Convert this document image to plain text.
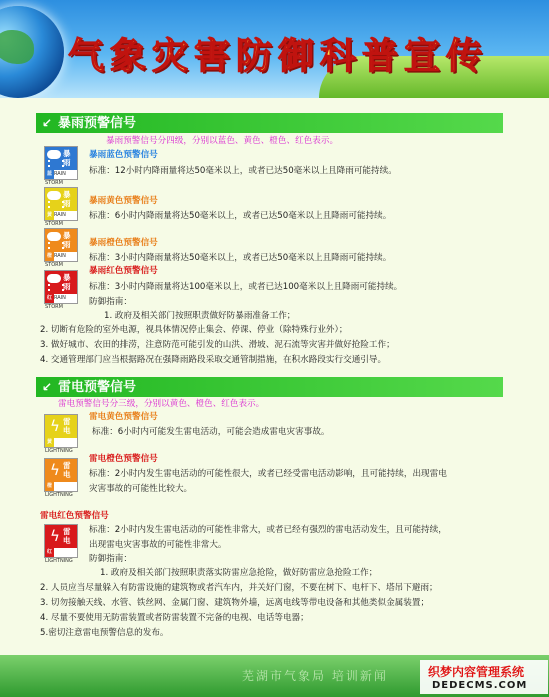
气象灾害防御科普宣传
↙ 暴雨预警信号
暴雨预警信号分四级，分别以蓝色、黄色、橙色、红色表示。
暴雨
蓝 RAIN STORM
暴雨蓝色预警信号
标准：12小时内降雨量将达50毫米以上，或者已达50毫米以上且降雨可能持续。
暴雨
黄 RAIN STORM
暴雨黄色预警信号
标准：6小时内降雨量将达50毫米以上，或者已达50毫米以上且降雨可能持续。
暴雨
橙 RAIN STORM
暴雨橙色预警信号
标准：3小时内降雨量将达50毫米以上，或者已达50毫米以上且降雨可能持续。
暴雨
红 RAIN STORM
暴雨红色预警信号
标准：3小时内降雨量将达100毫米以上，或者已达100毫米以上且降雨可能持续。
防御指南：
1. 政府及相关部门按照职责做好防暴雨准备工作；
2. 切断有危险的室外电源，视具体情况停止集会、停课、停业（除特殊行业外）；
3. 做好城市、农田的排涝，注意防范可能引发的山洪、滑坡、泥石流等灾害并做好抢险工作；
4. 交通管理部门应当根据路况在强降雨路段采取交通管制措施，在积水路段实行交通引导。
↙ 雷电预警信号
雷电预警信号分三级，分别以黄色、橙色、红色表示。
ϟ 雷电
黄LIGHTNING
雷电黄色预警信号
标准：6小时内可能发生雷电活动，可能会造成雷电灾害事故。
ϟ 雷电
橙LIGHTNING
雷电橙色预警信号
标准：2小时内发生雷电活动的可能性很大，或者已经受雷电活动影响，且可能持续，出现雷电
灾害事故的可能性比较大。
雷电红色预警信号
ϟ 雷电
红LIGHTNING
标准：2小时内发生雷电活动的可能性非常大，或者已经有强烈的雷电活动发生，且可能持续，
出现雷电灾害事故的可能性非常大。
防御指南：
1. 政府及相关部门按照职责落实防雷应急抢险，做好防雷应急抢险工作；
2. 人员应当尽量躲入有防雷设施的建筑物或者汽车内，并关好门窗，不要在树下、电杆下、塔吊下避雨；
3. 切勿接触天线、水管、铁丝网、金属门窗、建筑物外墙，远离电线等带电设备和其他类似金属装置；
4. 尽量不要使用无防雷装置或者防雷装置不完备的电视、电话等电器；
5.密切注意雷电预警信息的发布。
芜湖市气象局 培训新闻	织梦内容管理系统
DEDECMS.COM
